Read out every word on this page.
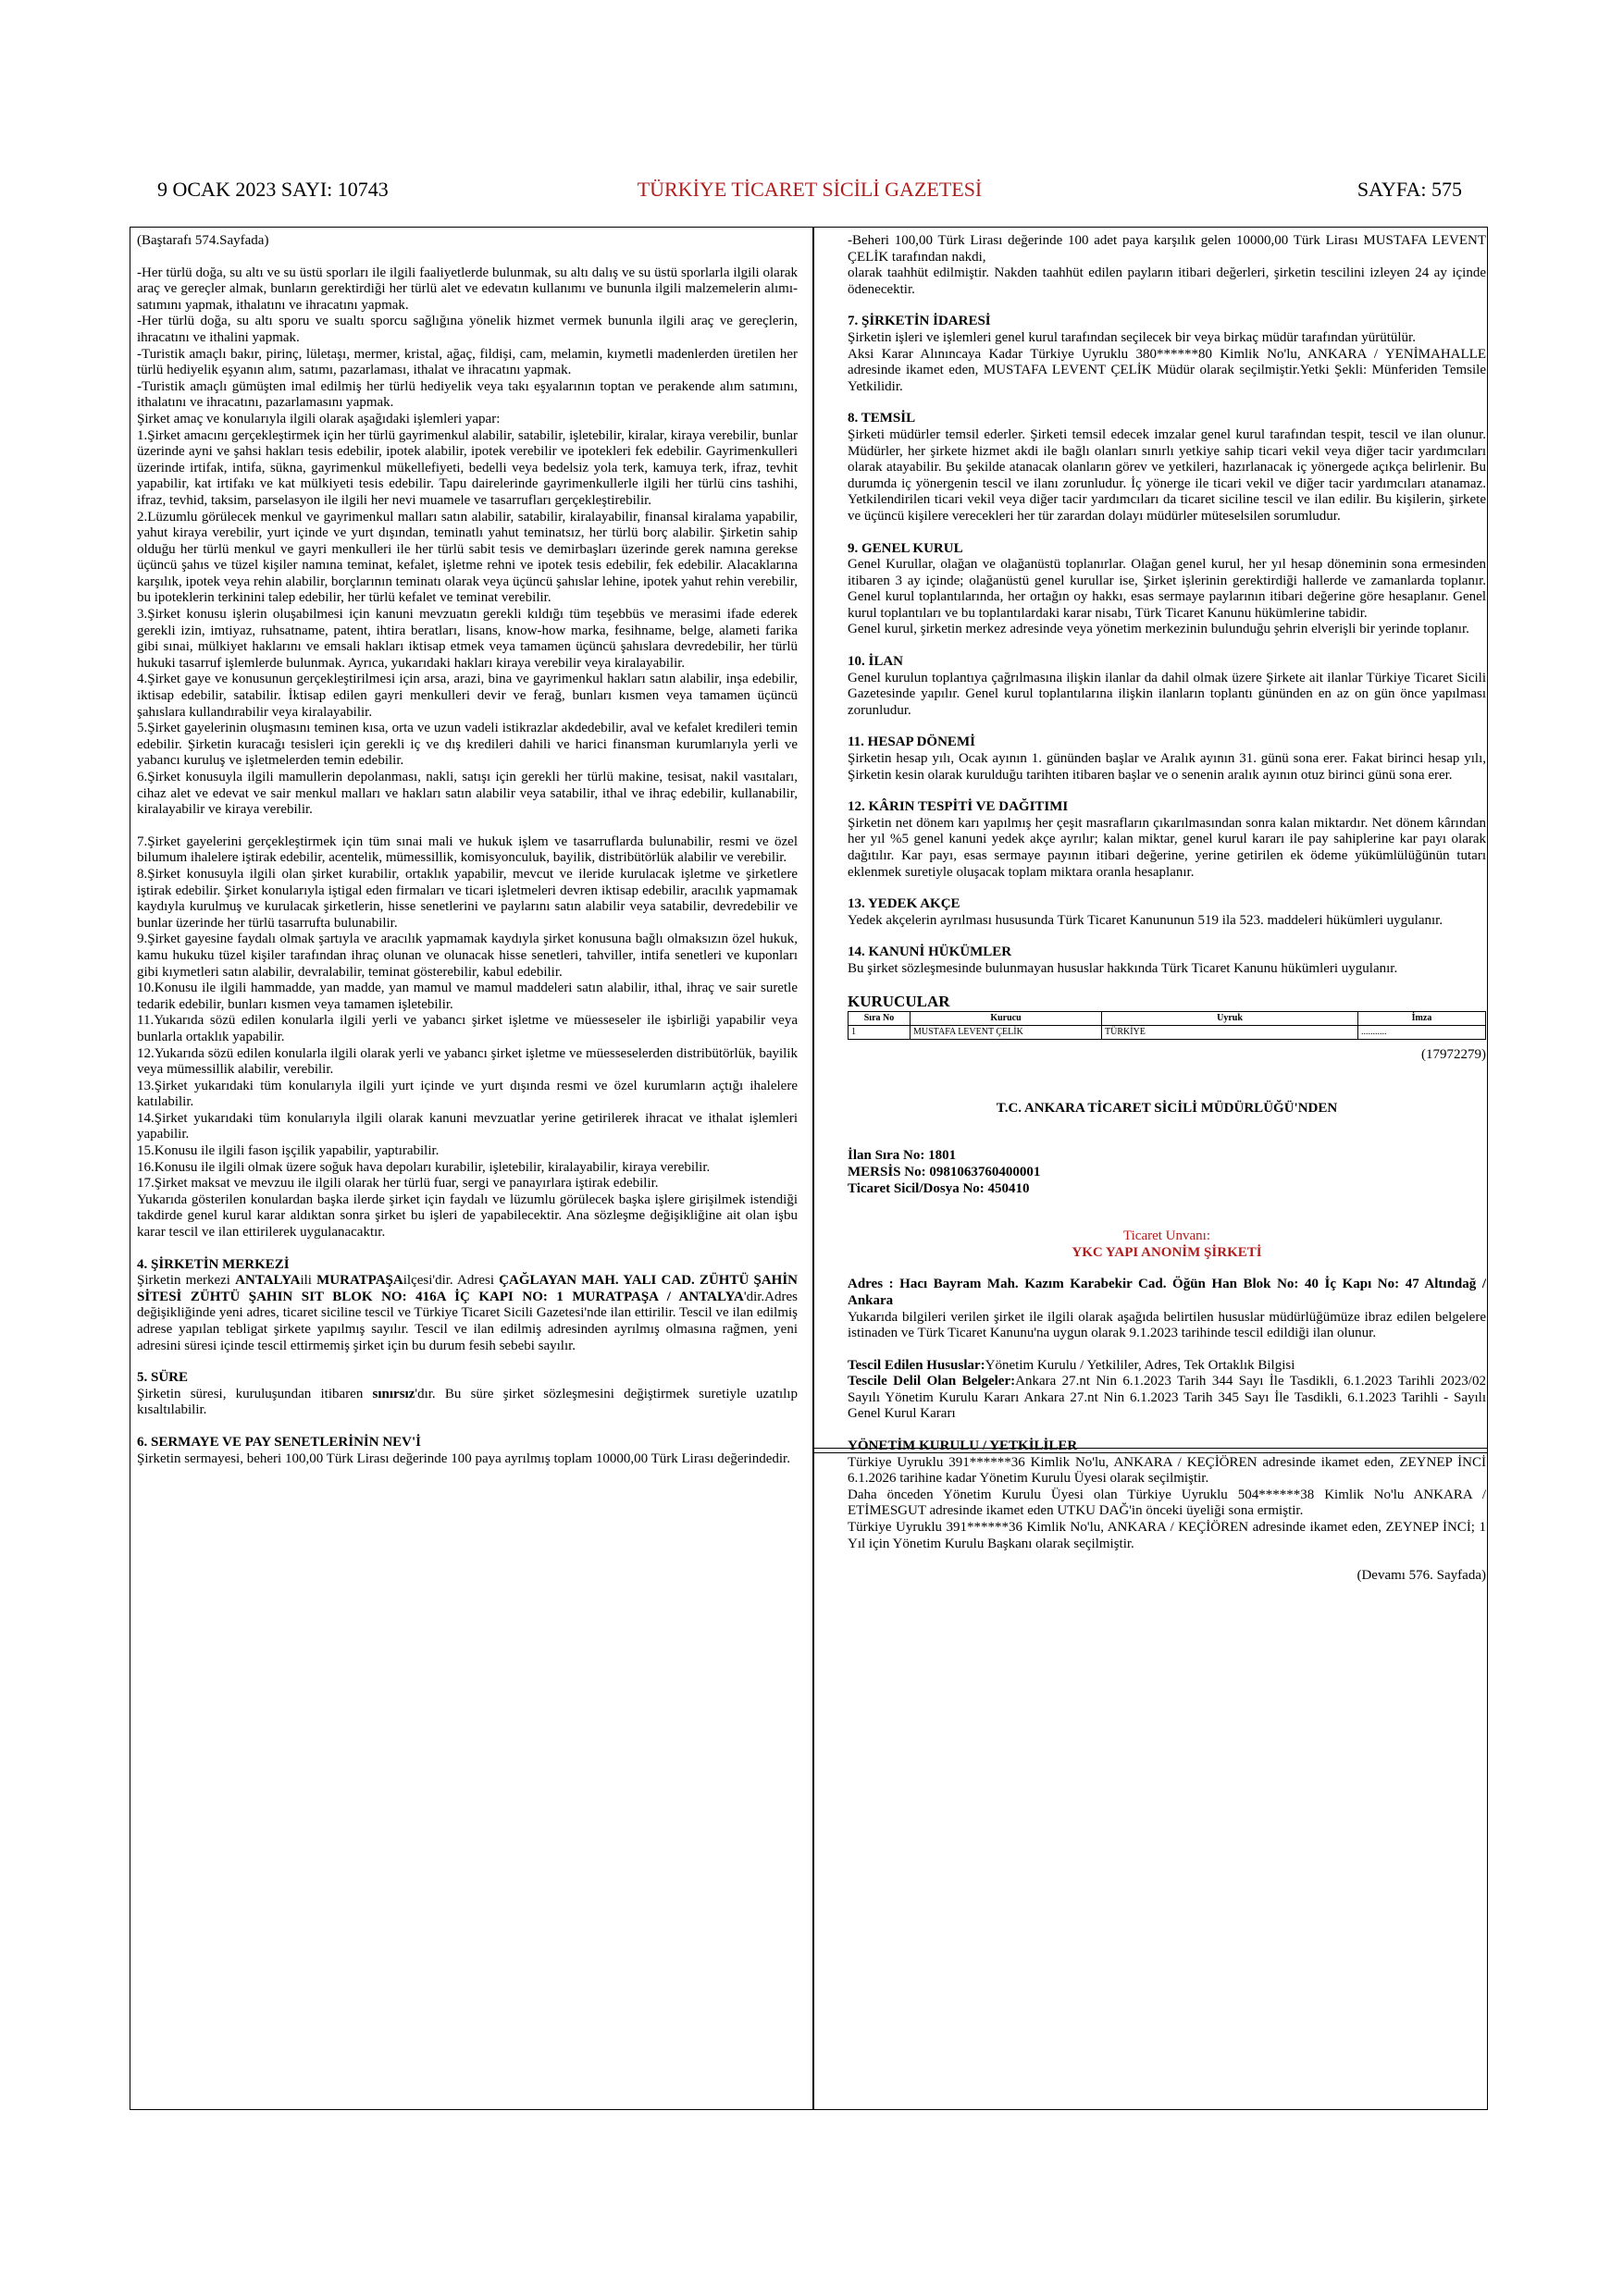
9 OCAK 2023 SAYI: 10743	TÜRKİYE TİCARET SİCİLİ GAZETESİ	SAYFA: 575

(Baştarafı 574.Sayfada)

-Her türlü doğa, su altı ve su üstü sporları ile ilgili faaliyetlerde bulunmak, su altı dalış ve su üstü sporlarla ilgili olarak araç ve gereçler almak, bunların gerektirdiği her türlü alet ve edevatın kullanımı ve bununla ilgili malzemelerin alımı-satımını yapmak, ithalatını ve ihracatını yapmak.

-Her türlü doğa, su altı sporu ve sualtı sporcu sağlığına yönelik hizmet vermek bununla ilgili araç ve gereçlerin, ihracatını ve ithalini yapmak.

-Turistik amaçlı bakır, pirinç, lületaşı, mermer, kristal, ağaç, fildişi, cam, melamin, kıymetli madenlerden üretilen her türlü hediyelik eşyanın alım, satımı, pazarlaması, ithalat ve ihracatını yapmak.

-Turistik amaçlı gümüşten imal edilmiş her türlü hediyelik veya takı eşyalarının toptan ve perakende alım satımını, ithalatını ve ihracatını, pazarlamasını yapmak.

Şirket amaç ve konularıyla ilgili olarak aşağıdaki işlemleri yapar:

1.Şirket amacını gerçekleştirmek için her türlü gayrimenkul alabilir, satabilir, işletebilir, kiralar, kiraya verebilir, bunlar üzerinde ayni ve şahsi hakları tesis edebilir, ipotek alabilir, ipotek verebilir ve ipotekleri fek edebilir. Gayrimenkulleri üzerinde irtifak, intifa, sükna, gayrimenkul mükellefiyeti, bedelli veya bedelsiz yola terk, kamuya terk, ifraz, tevhit yapabilir, kat irtifakı ve kat mülkiyeti tesis edebilir. Tapu dairelerinde gayrimenkullerle ilgili her türlü cins tashihi, ifraz, tevhid, taksim, parselasyon ile ilgili her nevi muamele ve tasarrufları gerçekleştirebilir.

2.Lüzumlu görülecek menkul ve gayrimenkul malları satın alabilir, satabilir, kiralayabilir, finansal kiralama yapabilir, yahut kiraya verebilir, yurt içinde ve yurt dışından, teminatlı yahut teminatsız, her türlü borç alabilir. Şirketin sahip olduğu her türlü menkul ve gayri menkulleri ile her türlü sabit tesis ve demirbaşları üzerinde gerek namına gerekse üçüncü şahıs ve tüzel kişiler namına teminat, kefalet, işletme rehni ve ipotek tesis edebilir, fek edebilir. Alacaklarına karşılık, ipotek veya rehin alabilir, borçlarının teminatı olarak veya üçüncü şahıslar lehine, ipotek yahut rehin verebilir, bu ipoteklerin terkinini talep edebilir, her türlü kefalet ve teminat verebilir.

3.Şirket konusu işlerin oluşabilmesi için kanuni mevzuatın gerekli kıldığı tüm teşebbüs ve merasimi ifade ederek gerekli izin, imtiyaz, ruhsatname, patent, ihtira beratları, lisans, know-how marka, fesihname, belge, alameti farika gibi sınai, mülkiyet haklarını ve emsali hakları iktisap etmek veya tamamen üçüncü şahıslara devredebilir, her türlü hukuki tasarruf işlemlerde bulunmak. Ayrıca, yukarıdaki hakları kiraya verebilir veya kiralayabilir.

4.Şirket gaye ve konusunun gerçekleştirilmesi için arsa, arazi, bina ve gayrimenkul hakları satın alabilir, inşa edebilir, iktisap edebilir, satabilir. İktisap edilen gayri menkulleri devir ve ferağ, bunları kısmen veya tamamen üçüncü şahıslara kullandırabilir veya kiralayabilir.

5.Şirket gayelerinin oluşmasını teminen kısa, orta ve uzun vadeli istikrazlar akdedebilir, aval ve kefalet kredileri temin edebilir. Şirketin kuracağı tesisleri için gerekli iç ve dış kredileri dahili ve harici finansman kurumlarıyla yerli ve yabancı kuruluş ve işletmelerden temin edebilir.

6.Şirket konusuyla ilgili mamullerin depolanması, nakli, satışı için gerekli her türlü makine, tesisat, nakil vasıtaları, cihaz alet ve edevat ve sair menkul malları ve hakları satın alabilir veya satabilir, ithal ve ihraç edebilir, kullanabilir, kiralayabilir ve kiraya verebilir.

7.Şirket gayelerini gerçekleştirmek için tüm sınai mali ve hukuk işlem ve tasarruflarda bulunabilir, resmi ve özel bilumum ihalelere iştirak edebilir, acentelik, mümessillik, komisyonculuk, bayilik, distribütörlük alabilir ve verebilir.

8.Şirket konusuyla ilgili olan şirket kurabilir, ortaklık yapabilir, mevcut ve ileride kurulacak işletme ve şirketlere iştirak edebilir. Şirket konularıyla iştigal eden firmaları ve ticari işletmeleri devren iktisap edebilir, aracılık yapmamak kaydıyla kurulmuş ve kurulacak şirketlerin, hisse senetlerini ve paylarını satın alabilir veya satabilir, devredebilir ve bunlar üzerinde her türlü tasarrufta bulunabilir.

9.Şirket gayesine faydalı olmak şartıyla ve aracılık yapmamak kaydıyla şirket konusuna bağlı olmaksızın özel hukuk, kamu hukuku tüzel kişiler tarafından ihraç olunan ve olunacak hisse senetleri, tahviller, intifa senetleri ve kuponları gibi kıymetleri satın alabilir, devralabilir, teminat gösterebilir, kabul edebilir.

10.Konusu ile ilgili hammadde, yan madde, yan mamul ve mamul maddeleri satın alabilir, ithal, ihraç ve sair suretle tedarik edebilir, bunları kısmen veya tamamen işletebilir.

11.Yukarıda sözü edilen konularla ilgili yerli ve yabancı şirket işletme ve müesseseler ile işbirliği yapabilir veya bunlarla ortaklık yapabilir.

12.Yukarıda sözü edilen konularla ilgili olarak yerli ve yabancı şirket işletme ve müesseselerden distribütörlük, bayilik veya mümessillik alabilir, verebilir.

13.Şirket yukarıdaki tüm konularıyla ilgili yurt içinde ve yurt dışında resmi ve özel kurumların açtığı ihalelere katılabilir.

14.Şirket yukarıdaki tüm konularıyla ilgili olarak kanuni mevzuatlar yerine getirilerek ihracat ve ithalat işlemleri yapabilir.

15.Konusu ile ilgili fason işçilik yapabilir, yaptırabilir.

16.Konusu ile ilgili olmak üzere soğuk hava depoları kurabilir, işletebilir, kiralayabilir, kiraya verebilir.

17.Şirket maksat ve mevzuu ile ilgili olarak her türlü fuar, sergi ve panayırlara iştirak edebilir.

Yukarıda gösterilen konulardan başka ilerde şirket için faydalı ve lüzumlu görülecek başka işlere girişilmek istendiği takdirde genel kurul karar aldıktan sonra şirket bu işleri de yapabilecektir. Ana sözleşme değişikliğine ait olan işbu karar tescil ve ilan ettirilerek uygulanacaktır.

4. ŞİRKETİN MERKEZİ

Şirketin merkezi ANTALYAili MURATPAŞAilçesi'dir. Adresi ÇAĞLAYAN MAH. YALI CAD. ZÜHTÜ ŞAHİN SİTESİ ZÜHTÜ ŞAHIN SIT BLOK NO: 416A İÇ KAPI NO: 1 MURATPAŞA / ANTALYA'dir.Adres değişikliğinde yeni adres, ticaret siciline tescil ve Türkiye Ticaret Sicili Gazetesi'nde ilan ettirilir. Tescil ve ilan edilmiş adrese yapılan tebligat şirkete yapılmış sayılır. Tescil ve ilan edilmiş adresinden ayrılmış olmasına rağmen, yeni adresini süresi içinde tescil ettirmemiş şirket için bu durum fesih sebebi sayılır.

5. SÜRE

Şirketin süresi, kuruluşundan itibaren sınırsız'dır. Bu süre şirket sözleşmesini değiştirmek suretiyle uzatılıp kısaltılabilir.

6. SERMAYE VE PAY SENETLERİNİN NEV'İ

Şirketin sermayesi, beheri 100,00 Türk Lirası değerinde 100 paya ayrılmış toplam 10000,00 Türk Lirası değerindedir.

-Beheri 100,00 Türk Lirası değerinde 100 adet paya karşılık gelen 10000,00 Türk Lirası MUSTAFA LEVENT ÇELİK tarafından nakdi,

olarak taahhüt edilmiştir. Nakden taahhüt edilen payların itibari değerleri, şirketin tescilini izleyen 24 ay içinde ödenecektir.

7. ŞİRKETİN İDARESİ

Şirketin işleri ve işlemleri genel kurul tarafından seçilecek bir veya birkaç müdür tarafından yürütülür.

Aksi Karar Alınıncaya Kadar Türkiye Uyruklu 380******80 Kimlik No'lu, ANKARA / YENİMAHALLE adresinde ikamet eden, MUSTAFA LEVENT ÇELİK Müdür olarak seçilmiştir.Yetki Şekli: Münferiden Temsile Yetkilidir.

8. TEMSİL

Şirketi müdürler temsil ederler. Şirketi temsil edecek imzalar genel kurul tarafından tespit, tescil ve ilan olunur. Müdürler, her şirkete hizmet akdi ile bağlı olanları sınırlı yetkiye sahip ticari vekil veya diğer tacir yardımcıları olarak atayabilir. Bu şekilde atanacak olanların görev ve yetkileri, hazırlanacak iç yönergede açıkça belirlenir. Bu durumda iç yönergenin tescil ve ilanı zorunludur. İç yönerge ile ticari vekil ve diğer tacir yardımcıları atanamaz. Yetkilendirilen ticari vekil veya diğer tacir yardımcıları da ticaret siciline tescil ve ilan edilir. Bu kişilerin, şirkete ve üçüncü kişilere verecekleri her tür zarardan dolayı müdürler müteselsilen sorumludur.

9. GENEL KURUL

Genel Kurullar, olağan ve olağanüstü toplanırlar. Olağan genel kurul, her yıl hesap döneminin sona ermesinden itibaren 3 ay içinde; olağanüstü genel kurullar ise, Şirket işlerinin gerektirdiği hallerde ve zamanlarda toplanır. Genel kurul toplantılarında, her ortağın oy hakkı, esas sermaye paylarının itibari değerine göre hesaplanır. Genel kurul toplantıları ve bu toplantılardaki karar nisabı, Türk Ticaret Kanunu hükümlerine tabidir.

Genel kurul, şirketin merkez adresinde veya yönetim merkezinin bulunduğu şehrin elverişli bir yerinde toplanır.

10. İLAN

Genel kurulun toplantıya çağrılmasına ilişkin ilanlar da dahil olmak üzere Şirkete ait ilanlar Türkiye Ticaret Sicili Gazetesinde yapılır. Genel kurul toplantılarına ilişkin ilanların toplantı gününden en az on gün önce yapılması zorunludur.

11. HESAP DÖNEMİ

Şirketin hesap yılı, Ocak ayının 1. gününden başlar ve Aralık ayının 31. günü sona erer. Fakat birinci hesap yılı, Şirketin kesin olarak kurulduğu tarihten itibaren başlar ve o senenin aralık ayının otuz birinci günü sona erer.

12. KÂRIN TESPİTİ VE DAĞITIMI

Şirketin net dönem karı yapılmış her çeşit masrafların çıkarılmasından sonra kalan miktardır. Net dönem kârından her yıl %5 genel kanuni yedek akçe ayrılır; kalan miktar, genel kurul kararı ile pay sahiplerine kar payı olarak dağıtılır. Kar payı, esas sermaye payının itibari değerine, yerine getirilen ek ödeme yükümlülüğünün tutarı eklenmek suretiyle oluşacak toplam miktara oranla hesaplanır.

13. YEDEK AKÇE

Yedek akçelerin ayrılması hususunda Türk Ticaret Kanununun 519 ila 523. maddeleri hükümleri uygulanır.

14. KANUNİ HÜKÜMLER

Bu şirket sözleşmesinde bulunmayan hususlar hakkında Türk Ticaret Kanunu hükümleri uygulanır.

KURUCULAR

Sıra No	Kurucu	Uyruk	İmza
1	MUSTAFA LEVENT ÇELİK	TÜRKİYE	...........

(17972279)

T.C. ANKARA TİCARET SİCİLİ MÜDÜRLÜĞÜ'NDEN

İlan Sıra No: 1801

MERSİS No: 0981063760400001

Ticaret Sicil/Dosya No: 450410

Ticaret Unvanı:

YKC YAPI ANONİM ŞİRKETİ

Adres : Hacı Bayram Mah. Kazım Karabekir Cad. Öğün Han Blok No: 40 İç Kapı No: 47 Altındağ / Ankara

Yukarıda bilgileri verilen şirket ile ilgili olarak aşağıda belirtilen hususlar müdürlüğümüze ibraz edilen belgelere istinaden ve Türk Ticaret Kanunu'na uygun olarak 9.1.2023 tarihinde tescil edildiği ilan olunur.

Tescil Edilen Hususlar:Yönetim Kurulu / Yetkililer, Adres, Tek Ortaklık Bilgisi

Tescile Delil Olan Belgeler:Ankara 27.nt Nin 6.1.2023 Tarih 344 Sayı İle Tasdikli, 6.1.2023 Tarihli 2023/02 Sayılı Yönetim Kurulu Kararı Ankara 27.nt Nin 6.1.2023 Tarih 345 Sayı İle Tasdikli, 6.1.2023 Tarihli - Sayılı Genel Kurul Kararı

YÖNETİM KURULU / YETKİLİLER

Türkiye Uyruklu 391******36 Kimlik No'lu, ANKARA / KEÇİÖREN adresinde ikamet eden, ZEYNEP İNCİ 6.1.2026 tarihine kadar Yönetim Kurulu Üyesi olarak seçilmiştir.

Daha önceden Yönetim Kurulu Üyesi olan Türkiye Uyruklu 504******38 Kimlik No'lu ANKARA / ETİMESGUT adresinde ikamet eden UTKU DAĞ'in önceki üyeliği sona ermiştir.

Türkiye Uyruklu 391******36 Kimlik No'lu, ANKARA / KEÇİÖREN adresinde ikamet eden, ZEYNEP İNCİ; 1 Yıl için Yönetim Kurulu Başkanı olarak seçilmiştir.

(Devamı 576. Sayfada)
